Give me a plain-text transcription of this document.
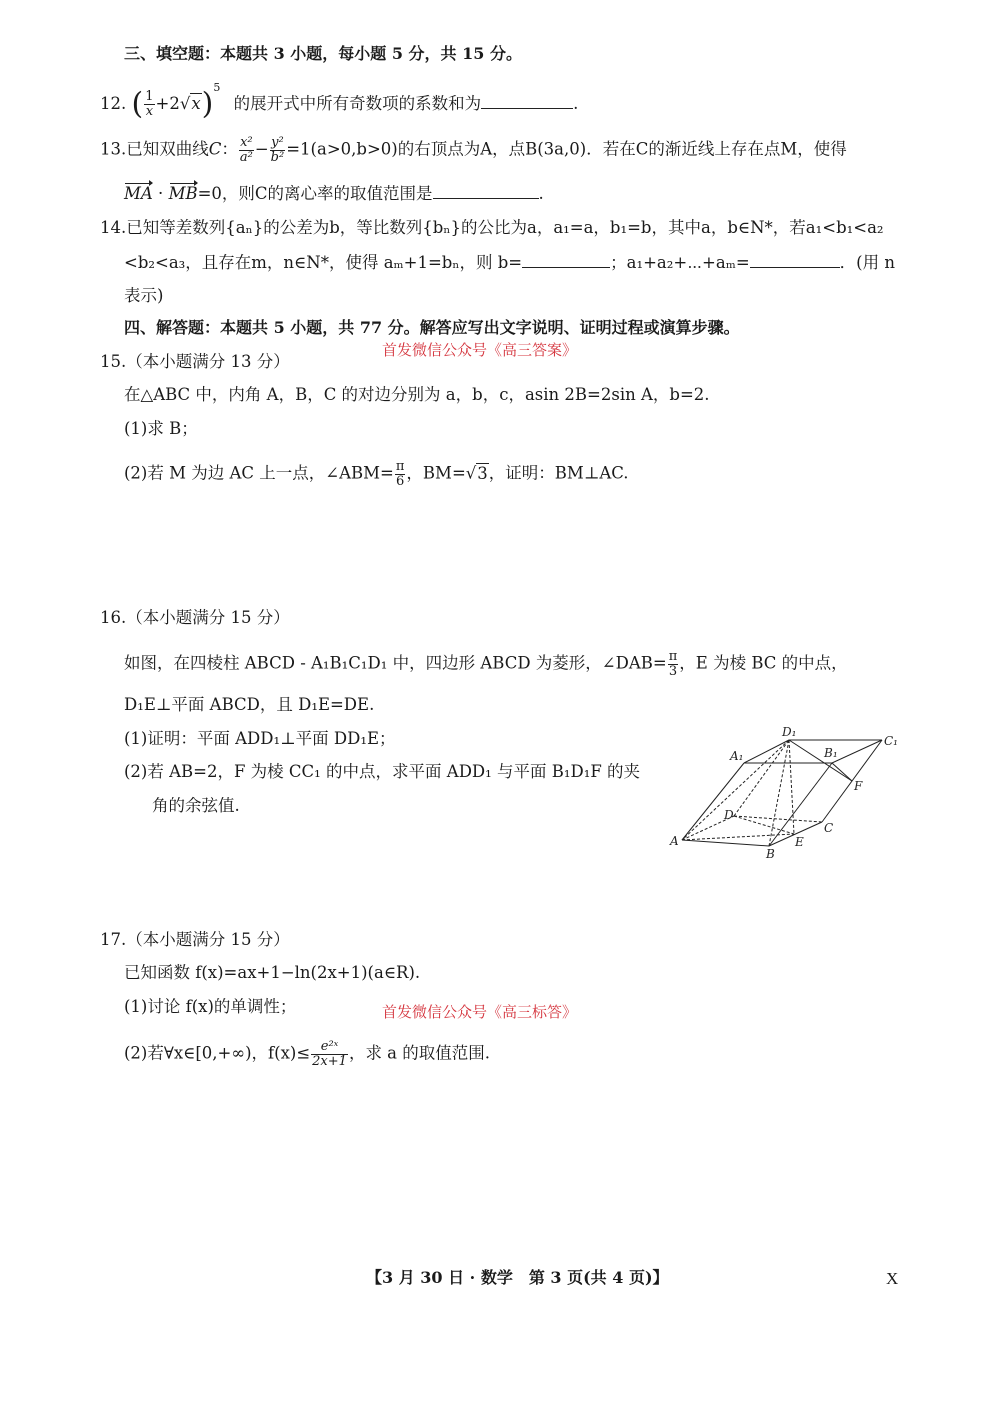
三、填空题：本题共 3 小题，每小题 5 分，共 15 分。
12. ( $\frac{1}{x} +2√x)^5$ 的展开式中所有奇数项的系数和为	.
13.已知双曲线C： $\frac{\text{x²}}{\text{a²}} - \frac{\text{y²}}{\text{b²}} =1(a>0,b>0)$的右顶点为A，点B(3a,0)．若在C的渐近线上存在点M，使得
MA · MB=0，则C的离心率的取值范围是	.
14.已知等差数列{aₙ}的公差为b，等比数列{bₙ}的公比为a，a₁=a，b₁=b，其中a，b∈N*，若a₁<b₁<a₂
<b₂<a₃，且存在m，n∈N*，使得 aₘ+1=bₙ，则 b=	；a₁+a₂+⋯+aₘ=	．(用 n
表示)
四、解答题：本题共 5 小题，共 77 分。解答应写出文字说明、证明过程或演算步骤。
首发微信公众号《高三答案》
15.（本小题满分 13 分）
在△ABC 中，内角 A，B，C 的对边分别为 a，b，c，asin 2B=2sin A，b=2.
(1)求 B；
(2)若 M 为边 AC 上一点，∠ABM= $\frac{\pi}{6}$ ，BM=√3，证明：BM⊥AC.
16.（本小题满分 15 分）
如图，在四棱柱 ABCD - A₁B₁C₁D₁ 中，四边形 ABCD 为菱形，∠DAB= $\frac{\pi}{3}$ ，E 为棱 BC 的中点，
D₁E⊥平面 ABCD，且 D₁E=DE.
(1)证明：平面 ADD₁⊥平面 DD₁E；
(2)若 AB=2，F 为棱 CC₁ 的中点，求平面 ADD₁ 与平面 B₁D₁F 的夹
角的余弦值.
A
B
C
D
E
F
A₁	B₁
C₁
D₁
17.（本小题满分 15 分）
已知函数 f(x)=ax+1−ln(2x+1)(a∈R).
(1)讨论 f(x)的单调性；	首发微信公众号《高三标答》
(2)若∀x∈[0,+∞)，$f(x)\le \frac{\text{e²ˣ}}{2x+1}$ ，求 a 的取值范围.
【3 月 30 日 · 数学　第 3 页(共 4 页)】	X
